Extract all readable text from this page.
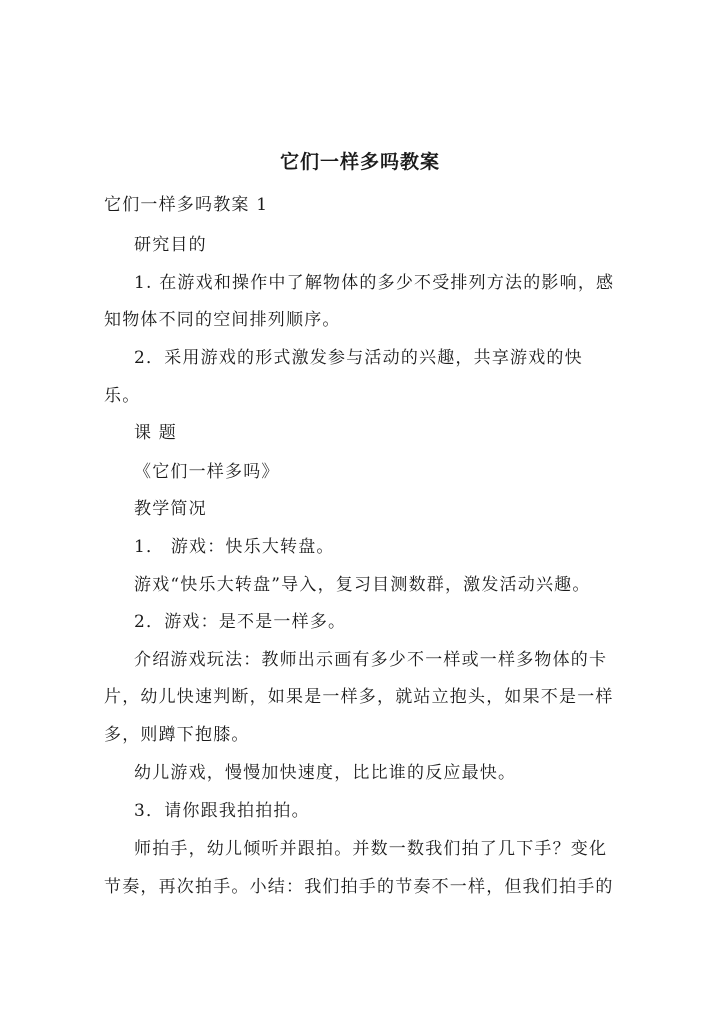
它们一样多吗教案
它们一样多吗教案 1
研究目的
1. 在游戏和操作中了解物体的多少不受排列方法的影响，感
知物体不同的空间排列顺序。
2．采用游戏的形式激发参与活动的兴趣，共享游戏的快
乐。
课 题
《它们一样多吗》
教学简况
1． 游戏：快乐大转盘。
游戏“快乐大转盘”导入，复习目测数群，激发活动兴趣。
2．游戏：是不是一样多。
介绍游戏玩法：教师出示画有多少不一样或一样多物体的卡
片，幼儿快速判断，如果是一样多，就站立抱头，如果不是一样
多，则蹲下抱膝。
幼儿游戏，慢慢加快速度，比比谁的反应最快。
3．请你跟我拍拍拍。
师拍手，幼儿倾听并跟拍。并数一数我们拍了几下手？变化
节奏，再次拍手。小结：我们拍手的节奏不一样，但我们拍手的
